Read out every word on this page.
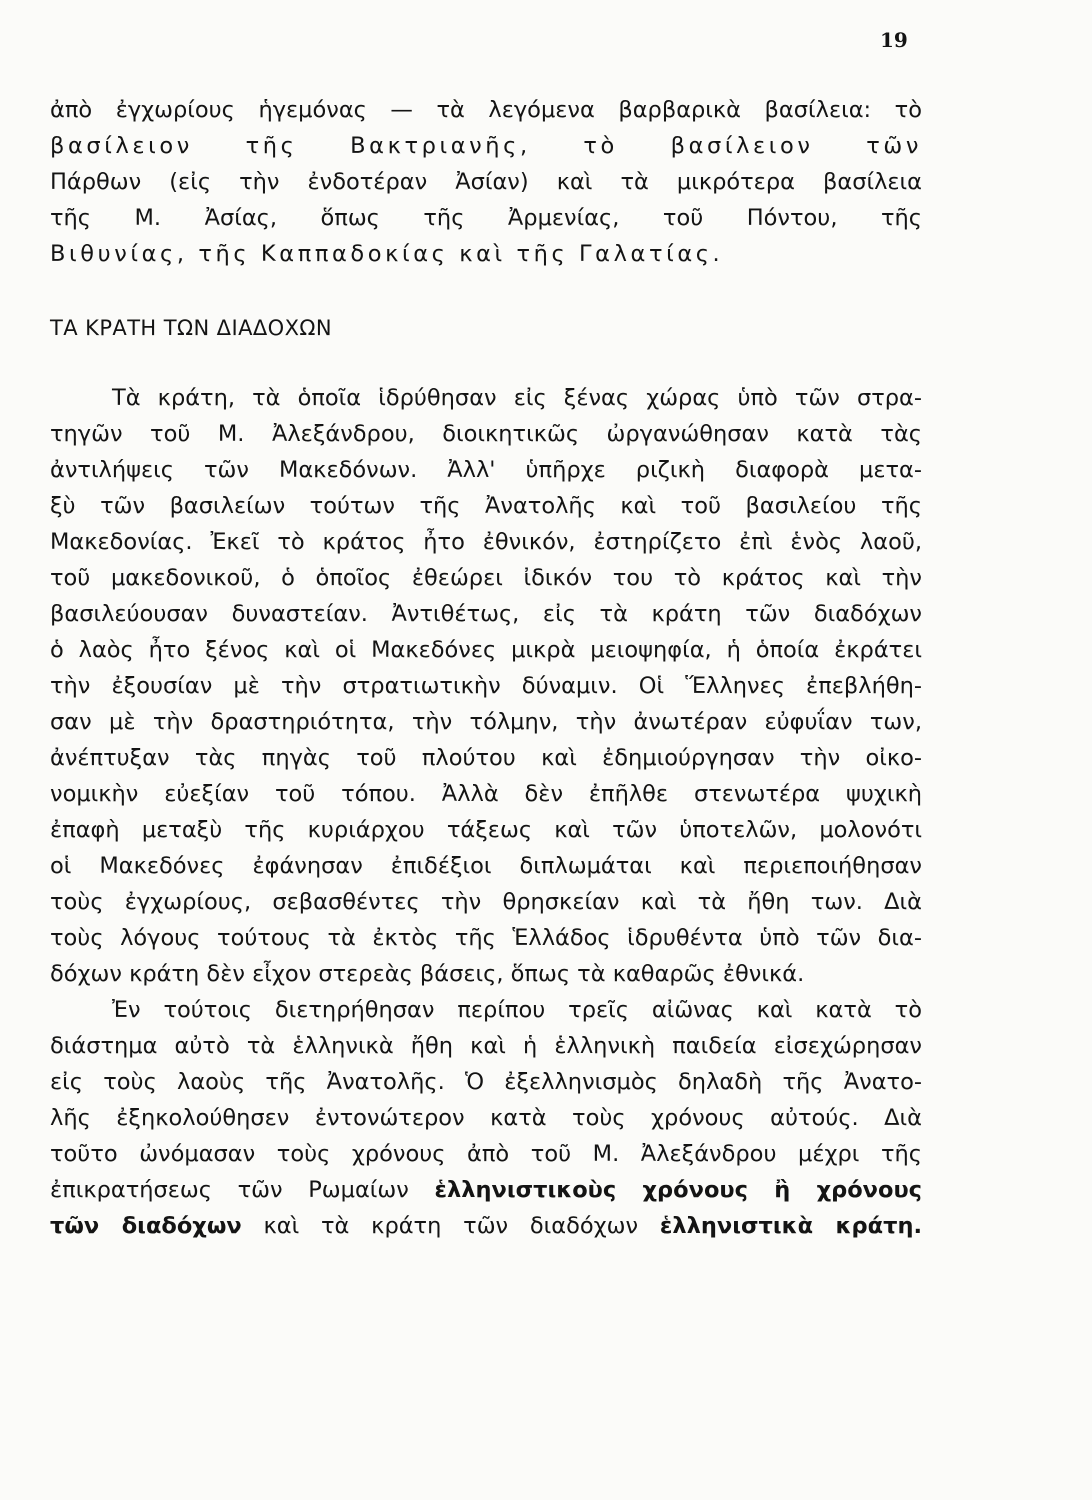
19
ἀπὸ ἐγχωρίους ἡγεμόνας — τὰ λεγόμενα βαρβαρικὰ βασίλεια: τὸ
βασίλειον τῆς Βακτριανῆς, τὸ βασίλειον τῶν
Πάρθων (εἰς τὴν ἐνδοτέραν Ἀσίαν) καὶ τὰ μικρότερα βασίλεια
τῆς Μ. Ἀσίας, ὅπως τῆς Ἀρμενίας, τοῦ Πόντου, τῆς
Βιθυνίας, τῆς Καππαδοκίας καὶ τῆς Γαλατίας.
ΤΑ ΚΡΑΤΗ ΤΩΝ ΔΙΑΔΟΧΩΝ
Τὰ κράτη, τὰ ὁποῖα ἱδρύθησαν εἰς ξένας χώρας ὑπὸ τῶν στρα-
τηγῶν τοῦ Μ. Ἀλεξάνδρου, διοικητικῶς ὠργανώθησαν κατὰ τὰς
ἀντιλήψεις τῶν Μακεδόνων. Ἀλλ' ὑπῆρχε ριζικὴ διαφορὰ μετα-
ξὺ τῶν βασιλείων τούτων τῆς Ἀνατολῆς καὶ τοῦ βασιλείου τῆς
Μακεδονίας. Ἐκεῖ τὸ κράτος ἦτο ἐθνικόν, ἐστηρίζετο ἐπὶ ἑνὸς λαοῦ,
τοῦ μακεδονικοῦ, ὁ ὁποῖος ἐθεώρει ἰδικόν του τὸ κράτος καὶ τὴν
βασιλεύουσαν δυναστείαν. Ἀντιθέτως, εἰς τὰ κράτη τῶν διαδόχων
ὁ λαὸς ἦτο ξένος καὶ οἱ Μακεδόνες μικρὰ μειοψηφία, ἡ ὁποία ἐκράτει
τὴν ἐξουσίαν μὲ τὴν στρατιωτικὴν δύναμιν. Οἱ Ἕλληνες ἐπεβλήθη-
σαν μὲ τὴν δραστηριότητα, τὴν τόλμην, τὴν ἀνωτέραν εὐφυΐαν των,
ἀνέπτυξαν τὰς πηγὰς τοῦ πλούτου καὶ ἐδημιούργησαν τὴν οἰκο-
νομικὴν εὐεξίαν τοῦ τόπου. Ἀλλὰ δὲν ἐπῆλθε στενωτέρα ψυχικὴ
ἐπαφὴ μεταξὺ τῆς κυριάρχου τάξεως καὶ τῶν ὑποτελῶν, μολονότι
οἱ Μακεδόνες ἐφάνησαν ἐπιδέξιοι διπλωμάται καὶ περιεποιήθησαν
τοὺς ἐγχωρίους, σεβασθέντες τὴν θρησκείαν καὶ τὰ ἤθη των. Διὰ
τοὺς λόγους τούτους τὰ ἐκτὸς τῆς Ἑλλάδος ἱδρυθέντα ὑπὸ τῶν δια-
δόχων κράτη δὲν εἶχον στερεὰς βάσεις, ὅπως τὰ καθαρῶς ἐθνικά.
Ἐν τούτοις διετηρήθησαν περίπου τρεῖς αἰῶνας καὶ κατὰ τὸ
διάστημα αὐτὸ τὰ ἑλληνικὰ ἤθη καὶ ἡ ἑλληνικὴ παιδεία εἰσεχώρησαν
εἰς τοὺς λαοὺς τῆς Ἀνατολῆς. Ὁ ἐξελληνισμὸς δηλαδὴ τῆς Ἀνατο-
λῆς ἐξηκολούθησεν ἐντονώτερον κατὰ τοὺς χρόνους αὐτούς. Διὰ
τοῦτο ὠνόμασαν τοὺς χρόνους ἀπὸ τοῦ Μ. Ἀλεξάνδρου μέχρι τῆς
ἐπικρατήσεως τῶν Ρωμαίων ἑλληνιστικοὺς χρόνους ἢ χρόνους
τῶν διαδόχων καὶ τὰ κράτη τῶν διαδόχων ἑλληνιστικὰ κράτη.
